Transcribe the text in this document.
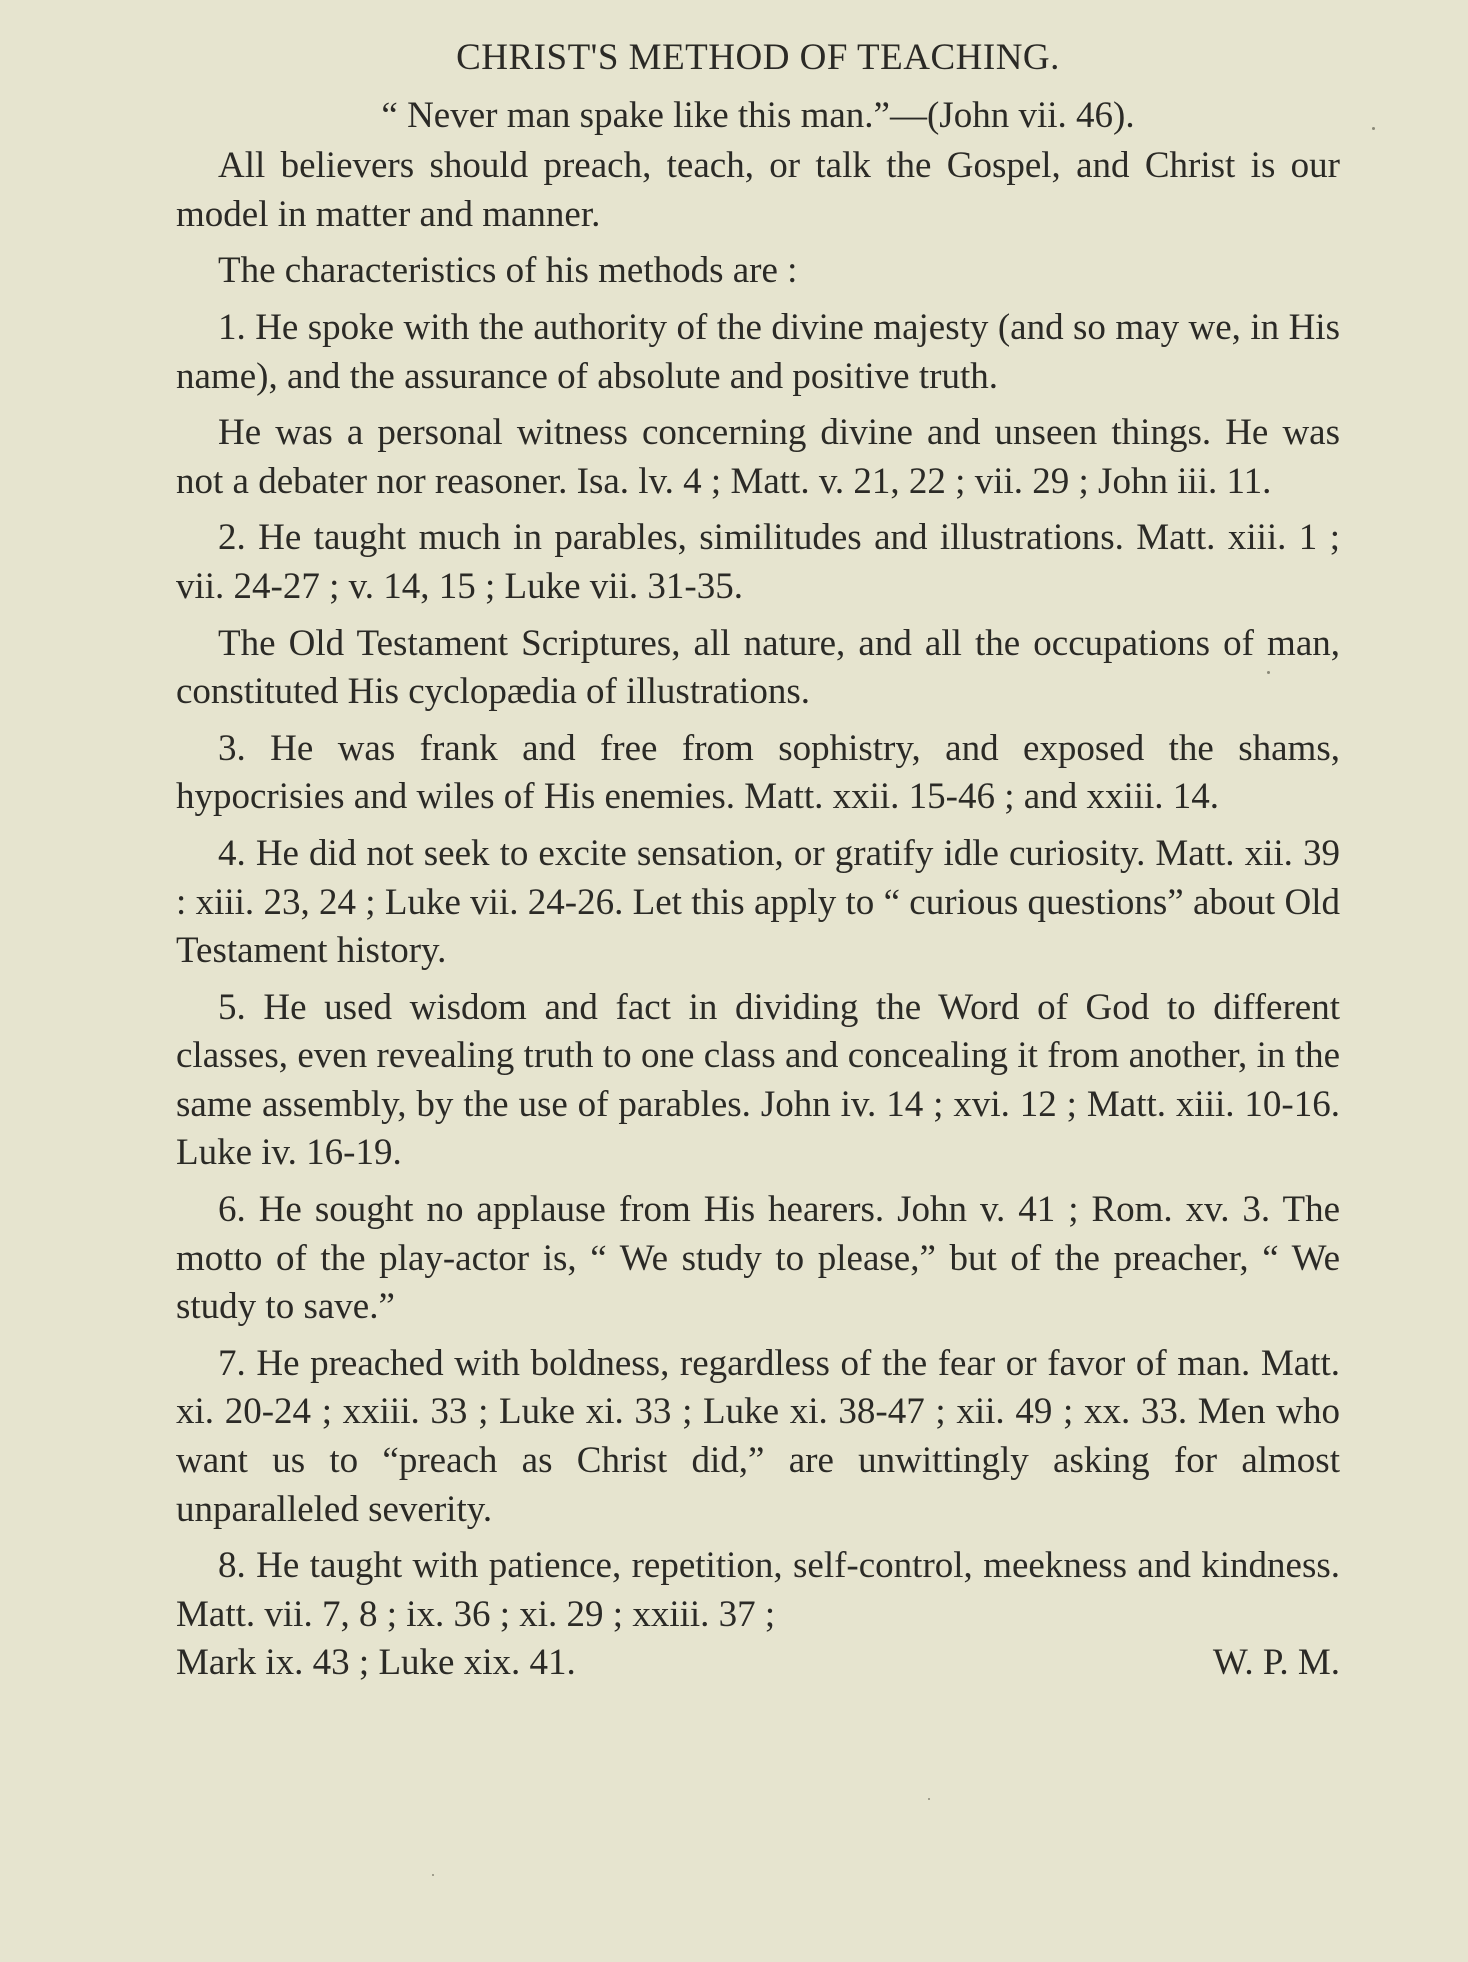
CHRIST'S METHOD OF TEACHING.
“ Never man spake like this man.”—(John vii. 46).

All believers should preach, teach, or talk the Gospel, and Christ is our model in matter and manner.

The characteristics of his methods are :

1. He spoke with the authority of the divine majesty (and so may we, in His name), and the assurance of absolute and positive truth.

He was a personal witness concerning divine and unseen things. He was not a debater nor reasoner. Isa. lv. 4 ; Matt. v. 21, 22 ; vii. 29 ; John iii. 11.

2. He taught much in parables, similitudes and illustrations. Matt. xiii. 1 ; vii. 24-27 ; v. 14, 15 ; Luke vii. 31-35.

The Old Testament Scriptures, all nature, and all the occupations of man, constituted His cyclopædia of illustrations.

3. He was frank and free from sophistry, and exposed the shams, hypocrisies and wiles of His enemies. Matt. xxii. 15-46 ; and xxiii. 14.

4. He did not seek to excite sensation, or gratify idle curiosity. Matt. xii. 39 : xiii. 23, 24 ; Luke vii. 24-26. Let this apply to “ curious questions” about Old Testament history.

5. He used wisdom and fact in dividing the Word of God to different classes, even revealing truth to one class and concealing it from another, in the same assembly, by the use of parables. John iv. 14 ; xvi. 12 ; Matt. xiii. 10-16. Luke iv. 16-19.

6. He sought no applause from His hearers. John v. 41 ; Rom. xv. 3. The motto of the play-actor is, “ We study to please,” but of the preacher, “ We study to save.”

7. He preached with boldness, regardless of the fear or favor of man. Matt. xi. 20-24 ; xxiii. 33 ; Luke xi. 33 ; Luke xi. 38-47 ; xii. 49 ; xx. 33. Men who want us to “preach as Christ did,” are unwittingly asking for almost unparalleled severity.

8. He taught with patience, repetition, self-control, meekness and kindness. Matt. vii. 7, 8 ; ix. 36 ; xi. 29 ; xxiii. 37 ;

Mark ix. 43 ; Luke xix. 41.	W. P. M.
